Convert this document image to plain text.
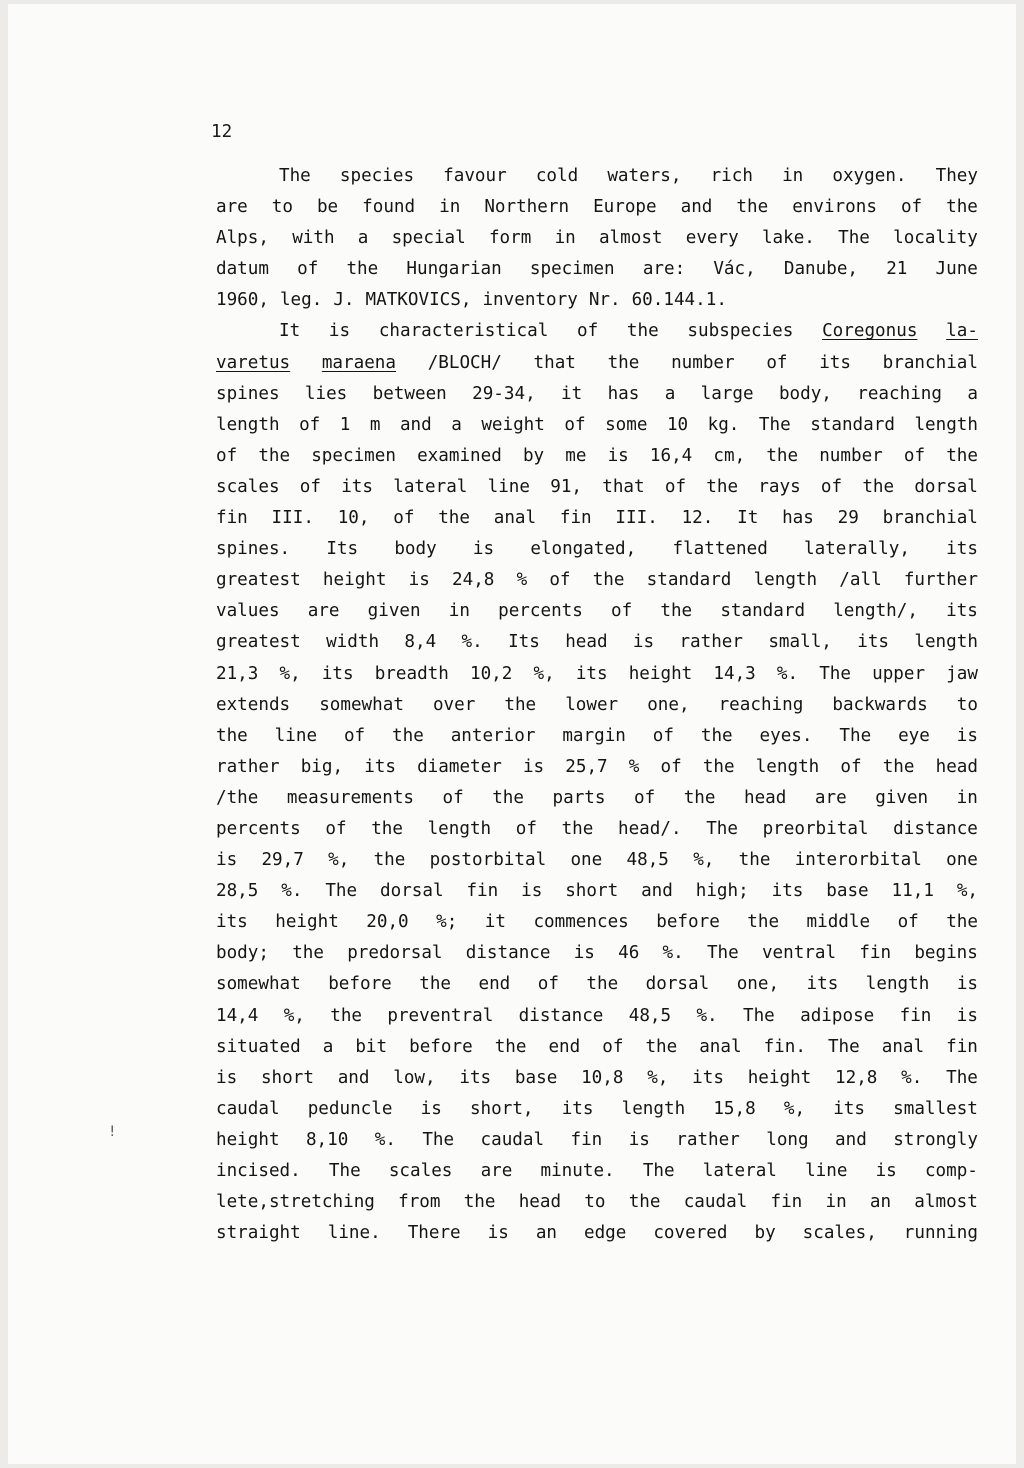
12

The species favour cold waters, rich in oxygen. They
are to be found in Northern Europe and the environs of the
Alps, with a special form in almost every lake. The locality
datum of the Hungarian specimen are: Vác, Danube, 21 June
1960, leg. J. MATKOVICS, inventory Nr. 60.144.1.
It is characteristical of the subspecies Coregonus la-
varetus maraena /BLOCH/ that the number of its branchial
spines lies between 29-34, it has a large body, reaching a
length of 1 m and a weight of some 10 kg. The standard length
of the specimen examined by me is 16,4 cm, the number of the
scales of its lateral line 91, that of the rays of the dorsal
fin III. 10, of the anal fin III. 12. It has 29 branchial
spines. Its body is elongated, flattened laterally, its
greatest height is 24,8 % of the standard length /all further
values are given in percents of the standard length/, its
greatest width 8,4 %. Its head is rather small, its length
21,3 %, its breadth 10,2 %, its height 14,3 %. The upper jaw
extends somewhat over the lower one, reaching backwards to
the line of the anterior margin of the eyes. The eye is
rather big, its diameter is 25,7 % of the length of the head
/the measurements of the parts of the head are given in
percents of the length of the head/. The preorbital distance
is 29,7 %, the postorbital one 48,5 %, the interorbital one
28,5 %. The dorsal fin is short and high; its base 11,1 %,
its height 20,0 %; it commences before the middle of the
body; the predorsal distance is 46 %. The ventral fin begins
somewhat before the end of the dorsal one, its length is
14,4 %, the preventral distance 48,5 %. The adipose fin is
situated a bit before the end of the anal fin. The anal fin
is short and low, its base 10,8 %, its height 12,8 %. The
caudal peduncle is short, its length 15,8 %, its smallest
height 8,10 %. The caudal fin is rather long and strongly
incised. The scales are minute. The lateral line is comp-
lete,stretching from the head to the caudal fin in an almost
straight line. There is an edge covered by scales, running
!
